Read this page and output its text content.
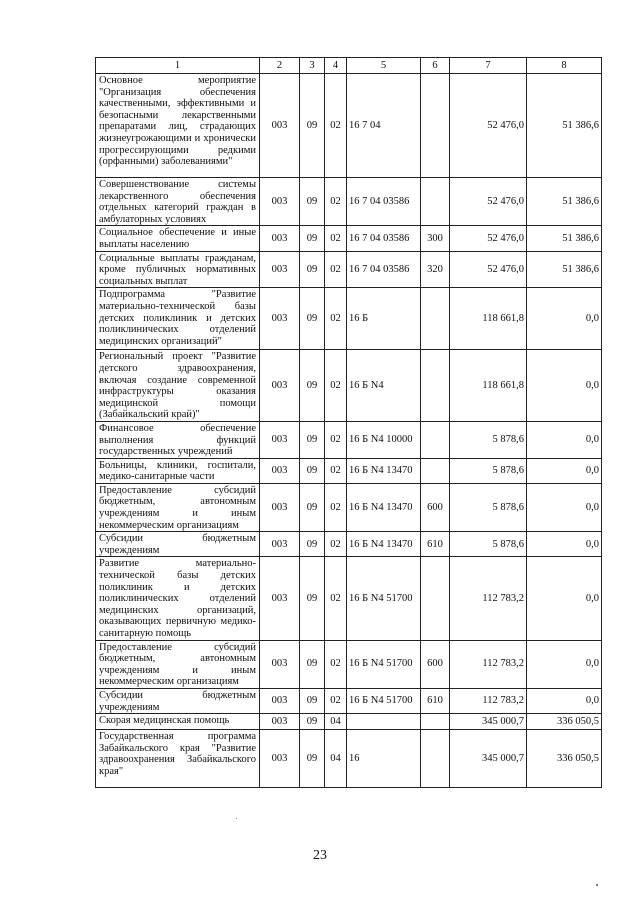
1	2	3	4	5	6	7	8
Основное мероприятие "Организация обеспечения качественными, эффективными и безопасными лекарственными препаратами лиц, страдающих жизнеугрожающими и хронически прогрессирующими редкими (орфанными) заболеваниями"	003	09	02	16 7 04		52 476,0	51 386,6
Совершенствование системы лекарственного обеспечения отдельных категорий граждан в амбулаторных условиях	003	09	02	16 7 04 03586		52 476,0	51 386,6
Социальное обеспечение и иные выплаты населению	003	09	02	16 7 04 03586	300	52 476,0	51 386,6
Социальные выплаты гражданам, кроме публичных нормативных социальных выплат	003	09	02	16 7 04 03586	320	52 476,0	51 386,6
Подпрограмма "Развитие материально-технической базы детских поликлиник и детских поликлинических отделений медицинских организаций"	003	09	02	16 Б		118 661,8	0,0
Региональный проект "Развитие детского здравоохранения, включая создание современной инфраструктуры оказания медицинской помощи (Забайкальский край)"	003	09	02	16 Б N4		118 661,8	0,0
Финансовое обеспечение выполнения функций государственных учреждений	003	09	02	16 Б N4 10000		5 878,6	0,0
Больницы, клиники, госпитали, медико-санитарные части	003	09	02	16 Б N4 13470		5 878,6	0,0
Предоставление субсидий бюджетным, автономным учреждениям и иным некоммерческим организациям	003	09	02	16 Б N4 13470	600	5 878,6	0,0
Субсидии бюджетным учреждениям	003	09	02	16 Б N4 13470	610	5 878,6	0,0
Развитие материально-технической базы детских поликлиник и детских поликлинических отделений медицинских организаций, оказывающих первичную медико-санитарную помощь	003	09	02	16 Б N4 51700		112 783,2	0,0
Предоставление субсидий бюджетным, автономным учреждениям и иным некоммерческим организациям	003	09	02	16 Б N4 51700	600	112 783,2	0,0
Субсидии бюджетным учреждениям	003	09	02	16 Б N4 51700	610	112 783,2	0,0
Скорая медицинская помощь	003	09	04			345 000,7	336 050,5
Государственная программа Забайкальского края "Развитие здравоохранения Забайкальского края"	003	09	04	16		345 000,7	336 050,5
23
